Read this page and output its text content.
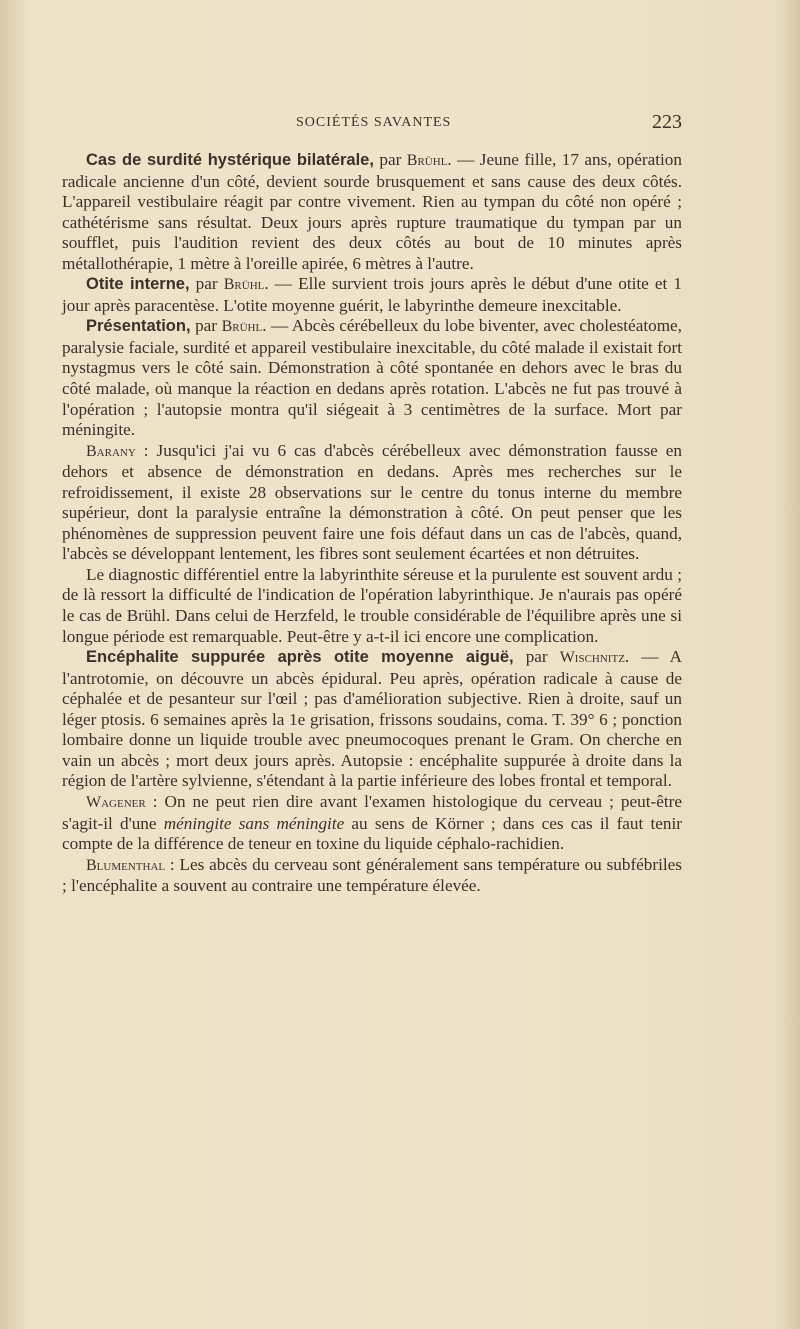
SOCIÉTÉS SAVANTES	223

Cas de surdité hystérique bilatérale, par Brühl. — Jeune fille, 17 ans, opération radicale ancienne d'un côté, devient sourde brusquement et sans cause des deux côtés. L'appareil vestibulaire réagit par contre vivement. Rien au tympan du côté non opéré ; cathétérisme sans résultat. Deux jours après rupture traumatique du tympan par un soufflet, puis l'audition revient des deux côtés au bout de 10 minutes après métallothérapie, 1 mètre à l'oreille apirée, 6 mètres à l'autre.

Otite interne, par Brühl. — Elle survient trois jours après le début d'une otite et 1 jour après paracentèse. L'otite moyenne guérit, le labyrinthe demeure inexcitable.

Présentation, par Brühl. — Abcès cérébelleux du lobe biventer, avec cholestéatome, paralysie faciale, surdité et appareil vestibulaire inexcitable, du côté malade il existait fort nystagmus vers le côté sain. Démonstration à côté spontanée en dehors avec le bras du côté malade, où manque la réaction en dedans après rotation. L'abcès ne fut pas trouvé à l'opération ; l'autopsie montra qu'il siégeait à 3 centimètres de la surface. Mort par méningite.

Barany : Jusqu'ici j'ai vu 6 cas d'abcès cérébelleux avec démonstration fausse en dehors et absence de démonstration en dedans. Après mes recherches sur le refroidissement, il existe 28 observations sur le centre du tonus interne du membre supérieur, dont la paralysie entraîne la démonstration à côté. On peut penser que les phénomènes de suppression peuvent faire une fois défaut dans un cas de l'abcès, quand, l'abcès se développant lentement, les fibres sont seulement écartées et non détruites.

Le diagnostic différentiel entre la labyrinthite séreuse et la purulente est souvent ardu ; de là ressort la difficulté de l'indication de l'opération labyrinthique. Je n'aurais pas opéré le cas de Brühl. Dans celui de Herzfeld, le trouble considérable de l'équilibre après une si longue période est remarquable. Peut-être y a-t-il ici encore une complication.

Encéphalite suppurée après otite moyenne aiguë, par Wischnitz. — A l'antrotomie, on découvre un abcès épidural. Peu après, opération radicale à cause de céphalée et de pesanteur sur l'œil ; pas d'amélioration subjective. Rien à droite, sauf un léger ptosis. 6 semaines après la 1e grisation, frissons soudains, coma. T. 39° 6 ; ponction lombaire donne un liquide trouble avec pneumocoques prenant le Gram. On cherche en vain un abcès ; mort deux jours après. Autopsie : encéphalite suppurée à droite dans la région de l'artère sylvienne, s'étendant à la partie inférieure des lobes frontal et temporal.

Wagener : On ne peut rien dire avant l'examen histologique du cerveau ; peut-être s'agit-il d'une méningite sans méningite au sens de Körner ; dans ces cas il faut tenir compte de la différence de teneur en toxine du liquide céphalo-rachidien.

Blumenthal : Les abcès du cerveau sont généralement sans température ou subfébriles ; l'encéphalite a souvent au contraire une température élevée.
